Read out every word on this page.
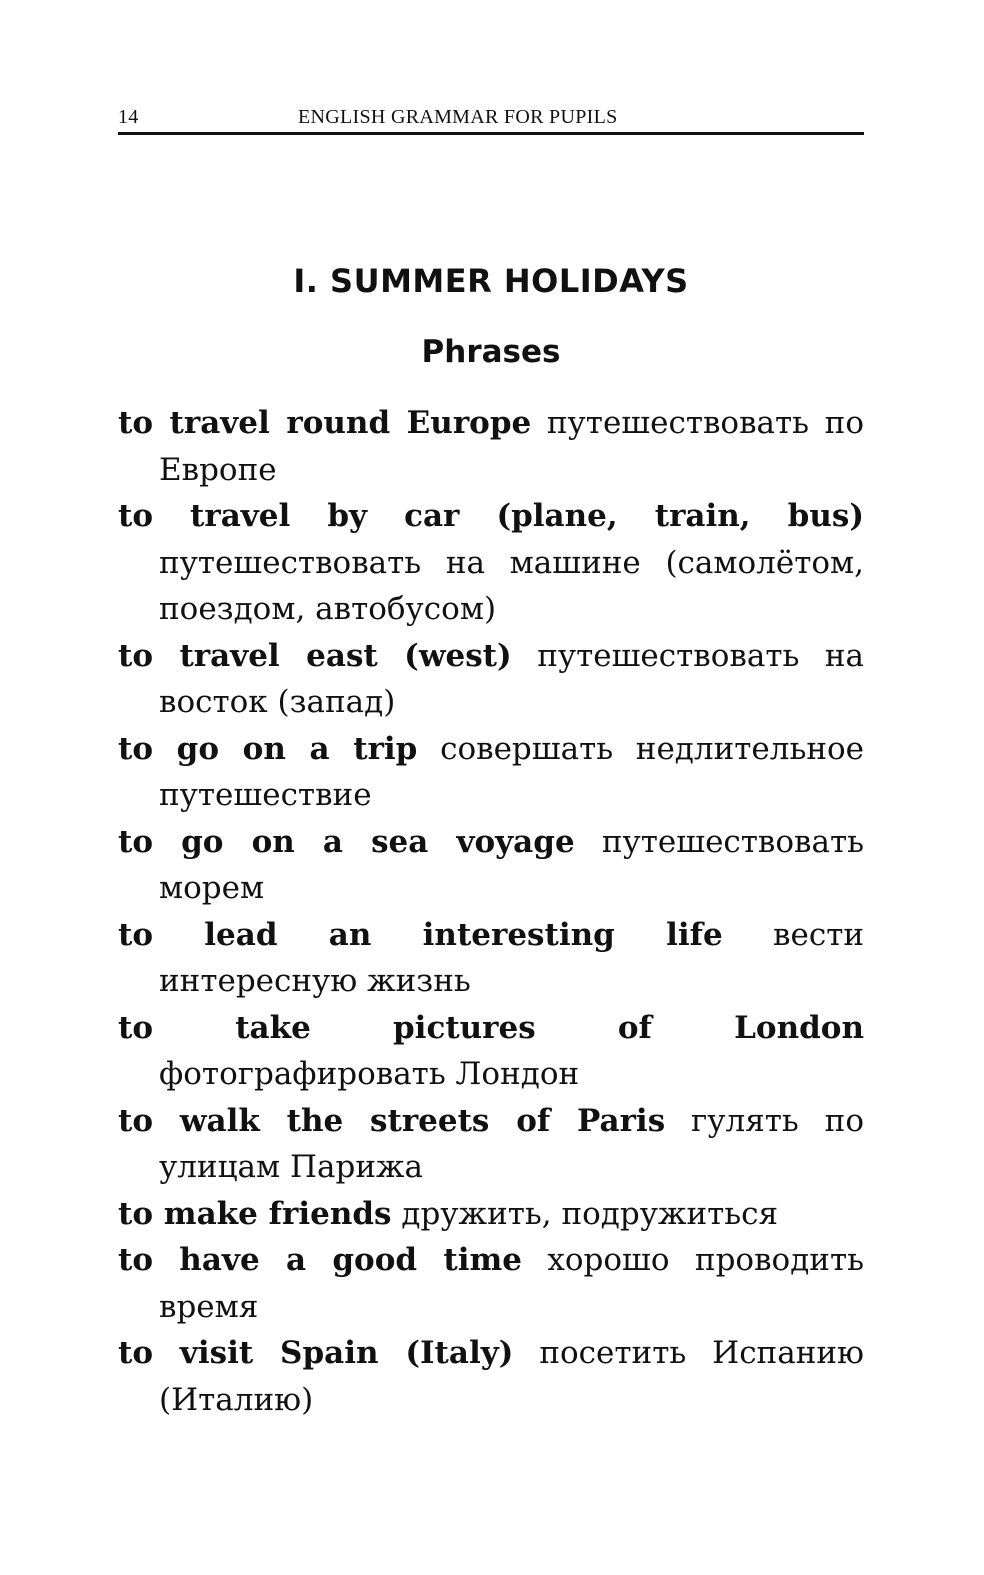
14	ENGLISH GRAMMAR FOR PUPILS
I. SUMMER HOLIDAYS
Phrases
to travel round Europe путешествовать по Европе
to travel by car (plane, train, bus) путешествовать на машине (самолётом, поездом, автобусом)
to travel east (west) путешествовать на восток (запад)
to go on a trip совершать недлительное путешествие
to go on a sea voyage путешествовать морем
to lead an interesting life вести интересную жизнь
to take pictures of London фотографировать Лондон
to walk the streets of Paris гулять по улицам Парижа
to make friends дружить, подружиться
to have a good time хорошо проводить время
to visit Spain (Italy) посетить Испанию (Италию)
